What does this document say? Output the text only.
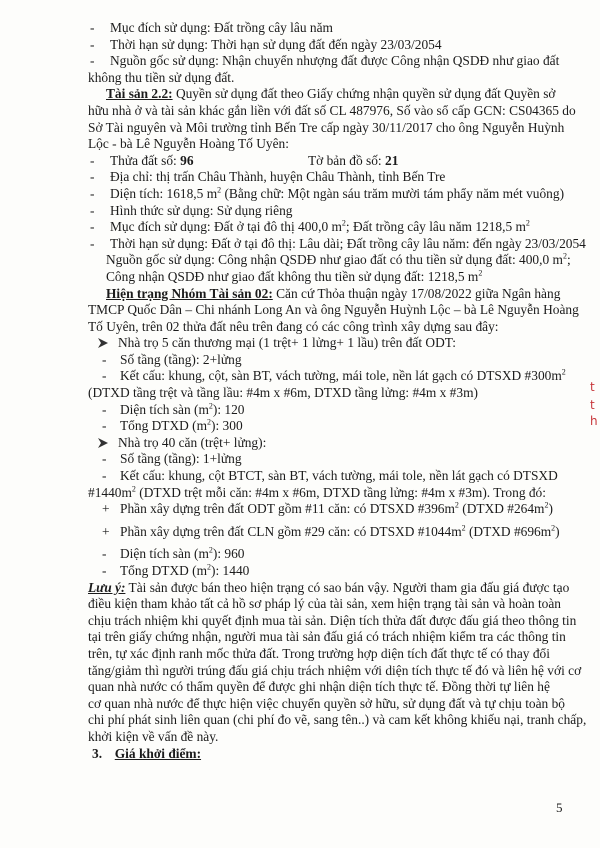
- Mục đích sử dụng: Đất trồng cây lâu năm
- Thời hạn sử dụng: Thời hạn sử dụng đất đến ngày 23/03/2054
- Nguồn gốc sử dụng: Nhận chuyển nhượng đất được Công nhận QSDĐ như giao đất
không thu tiền sử dụng đất.
Tài sản 2.2: Quyền sử dụng đất theo Giấy chứng nhận quyền sử dụng đất Quyền sở
hữu nhà ở và tài sản khác gắn liền với đất số CL 487976, Số vào sổ cấp GCN: CS04365 do
Sở Tài nguyên và Môi trường tỉnh Bến Tre cấp ngày 30/11/2017 cho ông Nguyễn Huỳnh
Lộc - bà Lê Nguyễn Hoàng Tố Uyên:
- Thửa đất số: 96	Tờ bản đồ số: 21
- Địa chỉ: thị trấn Châu Thành, huyện Châu Thành, tỉnh Bến Tre
- Diện tích: 1618,5 $m^2$ (Bằng chữ: Một ngàn sáu trăm mười tám phẩy năm mét vuông)
- Hình thức sử dụng: Sử dụng riêng
- Mục đích sử dụng: Đất ở tại đô thị 400,0 $m^2$; Đất trồng cây lâu năm 1218,5 $m^2$
- Thời hạn sử dụng: Đất ở tại đô thị: Lâu dài; Đất trồng cây lâu năm: đến ngày 23/03/2054
Nguồn gốc sử dụng: Công nhận QSDĐ như giao đất có thu tiền sử dụng đất: 400,0 $m^2$;
Công nhận QSDĐ như giao đất không thu tiền sử dụng đất: 1218,5 $m^2$
Hiện trạng Nhóm Tài sản 02: Căn cứ Thỏa thuận ngày 17/08/2022 giữa Ngân hàng
TMCP Quốc Dân – Chi nhánh Long An và ông Nguyễn Huỳnh Lộc – bà Lê Nguyễn Hoàng
Tố Uyên, trên 02 thửa đất nêu trên đang có các công trình xây dựng sau đây:
Nhà trọ 5 căn thương mại (1 trệt+ 1 lửng+ 1 lầu) trên đất ODT:
- Số tầng (tầng): 2+lửng
- Kết cấu: khung, cột, sàn BT, vách tường, mái tole, nền lát gạch có DTSXD $\#300m^2$
(DTXD tầng trệt và tầng lầu: #4m x #6m, DTXD tầng lửng: #4m x #3m)
- Diện tích sàn $(m^2)$: 120
- Tổng DTXD $(m^2)$: 300
Nhà trọ 40 căn (trệt+ lửng):
- Số tầng (tầng): 1+lửng
- Kết cấu: khung, cột BTCT, sàn BT, vách tường, mái tole, nền lát gạch có DTSXD
$\#1440m^2$ (DTXD trệt mỗi căn: #4m x #6m, DTXD tầng lửng: #4m x #3m). Trong đó:
+ Phần xây dựng trên đất ODT gồm #11 căn: có DTSXD $\#396m^2$ (DTXD $\#264m^2$)
+ Phần xây dựng trên đất CLN gồm #29 căn: có DTSXD $\#1044m^2$ (DTXD $\#696m^2$)
- Diện tích sàn $(m^2)$: 960
- Tổng DTXD $(m^2)$: 1440
Lưu ý: Tài sản được bán theo hiện trạng có sao bán vậy. Người tham gia đấu giá được tạo
điều kiện tham khảo tất cả hồ sơ pháp lý của tài sản, xem hiện trạng tài sản và hoàn toàn
chịu trách nhiệm khi quyết định mua tài sản. Diện tích thửa đất được đấu giá theo thông tin
tại trên giấy chứng nhận, người mua tài sản đấu giá có trách nhiệm kiểm tra các thông tin
trên, tự xác định ranh mốc thửa đất. Trong trường hợp diện tích đất thực tế có thay đổi
tăng/giảm thì người trúng đấu giá chịu trách nhiệm với diện tích thực tế đó và liên hệ với cơ
quan nhà nước có thẩm quyền để được ghi nhận diện tích thực tế. Đồng thời tự liên hệ
cơ quan nhà nước để thực hiện việc chuyển quyền sở hữu, sử dụng đất và tự chịu toàn bộ
chi phí phát sinh liên quan (chi phí đo vẽ, sang tên..) và cam kết không khiếu nại, tranh chấp,
khởi kiện về vấn đề này.
3. Giá khởi điểm:
t
t
h
5
